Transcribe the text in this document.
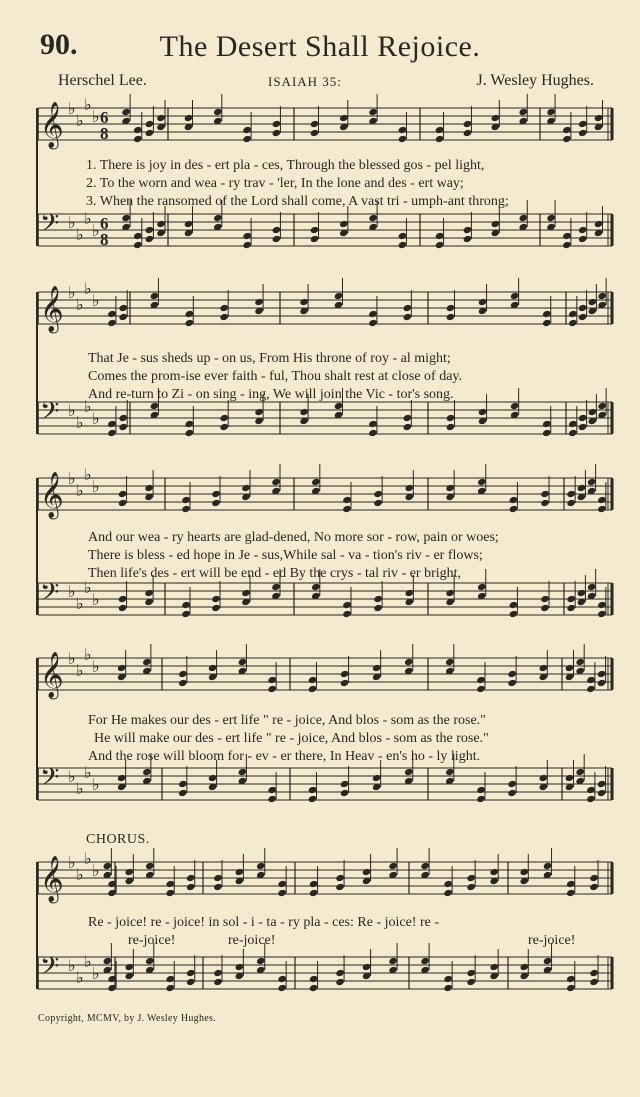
90.	The Desert Shall Rejoice.
Herschel Lee.	ISAIAH 35:	J. Wesley Hughes.
𝄞 ♭
♭
♭
♭ 6
8
𝄢 ♭
♭
♭
♭ 6
8
𝄞 ♭
♭
♭
♭
𝄢 ♭
♭
♭
♭
𝄞 ♭
♭
♭
♭
𝄢 ♭
♭
♭
♭
𝄞 ♭
♭
♭
♭
𝄢 ♭
♭
♭
♭
𝄞 ♭
♭
♭
♭
𝄢 ♭
♭
♭
♭
1. There is joy in des - ert pla - ces, Through the blessed gos - pel light,
2. To the worn and wea - ry trav - 'ler, In the lone and des - ert way;
3. When the ransomed of the Lord shall come, A vast tri - umph-ant throng;
That Je - sus sheds up - on us, From His throne of roy - al might;
Comes the prom-ise ever faith - ful, Thou shalt rest at close of day.
And re-turn to Zi - on sing - ing, We will join the Vic - tor's song.
And our wea - ry hearts are glad-dened, No more sor - row, pain or woes;
There is bless - ed hope in Je - sus,While sal - va - tion's riv - er flows;
Then life's des - ert will be end - ed By the crys - tal riv - er bright,
For He makes our des - ert life " re - joice, And blos - som as the rose."
He will make our des - ert life " re - joice, And blos - som as the rose."
And the rose will bloom for - ev - er there, In Heav - en's ho - ly light.
CHORUS.
Re - joice! re - joice! in sol - i - ta - ry pla - ces: Re - joice! re -
re-joice!	re-joice!	re-joice!
Copyright, MCMV, by J. Wesley Hughes.
